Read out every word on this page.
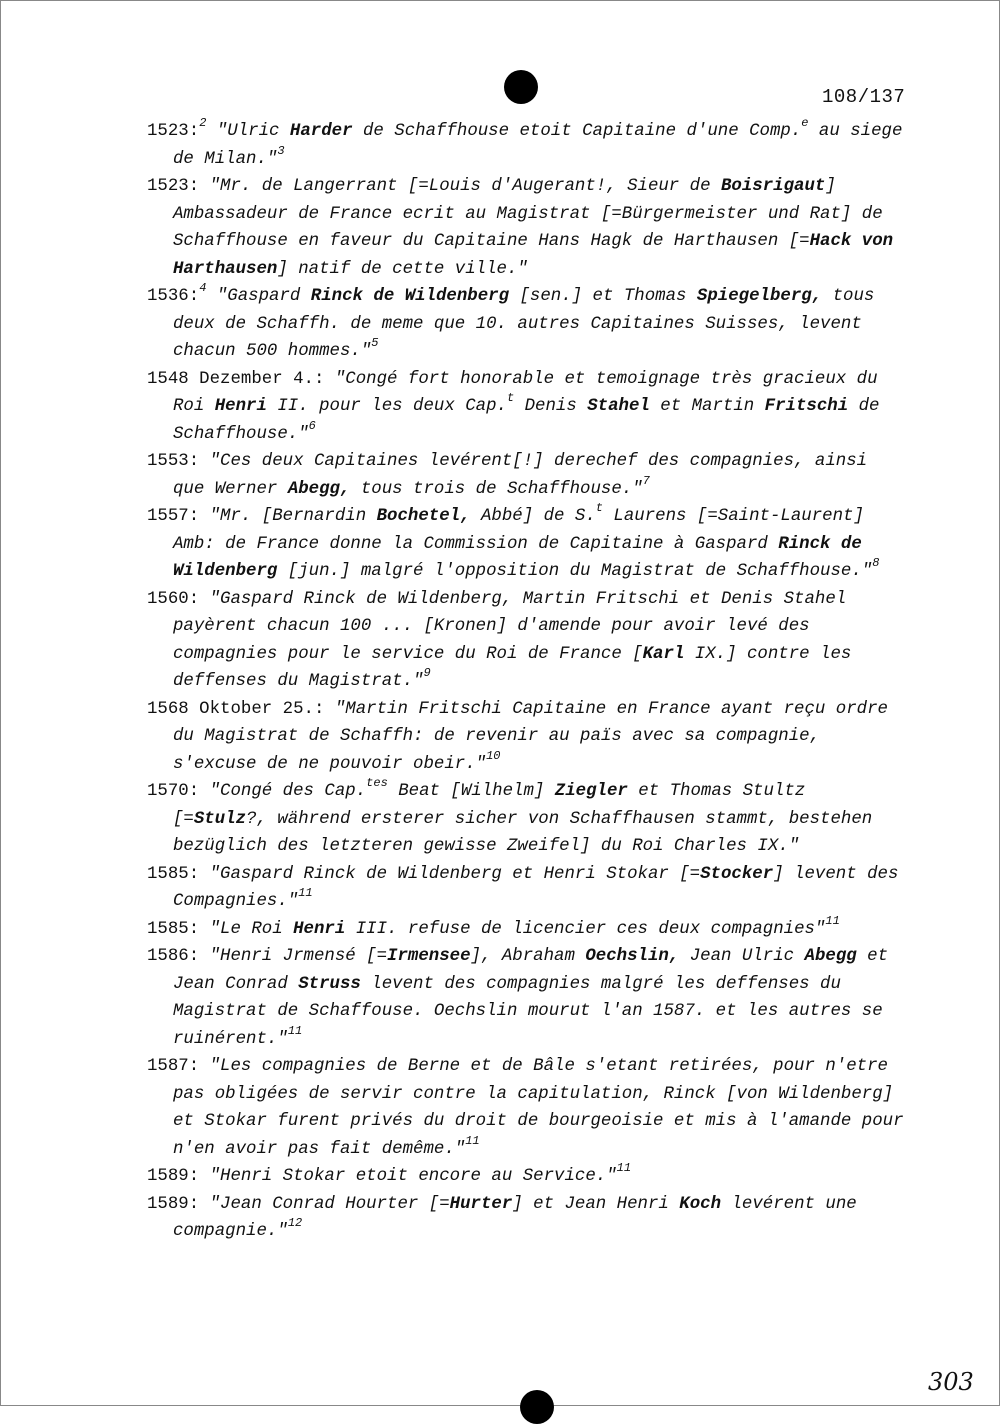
108/137
1523:$^2$ "Ulric Harder de Schaffhouse etoit Capitaine d'une Comp.$^e$ au siege de Milan."$^3$
1523: "Mr. de Langerrant [=Louis d'Augerant!, Sieur de Boisrigaut] Ambassadeur de France ecrit au Magistrat [=Bürgermeister und Rat] de Schaffhouse en faveur du Capitaine Hans Hagk de Harthausen [=Hack von Harthausen] natif de cette ville."
1536:$^4$ "Gaspard Rinck de Wildenberg [sen.] et Thomas Spiegelberg, tous deux de Schaffh. de meme que 10. autres Capitaines Suisses, levent chacun 500 hommes."$^5$
1548 Dezember 4.: "Congé fort honorable et temoignage très gracieux du Roi Henri II. pour les deux Cap.$^t$ Denis Stahel et Martin Fritschi de Schaffhouse."$^6$
1553: "Ces deux Capitaines levérent[!] derechef des compagnies, ainsi que Werner Abegg, tous trois de Schaffhouse."$^7$
1557: "Mr. [Bernardin Bochetel, Abbé] de S.$^t$ Laurens [=Saint-Laurent] Amb: de France donne la Commission de Capitaine à Gaspard Rinck de Wildenberg [jun.] malgré l'opposition du Magistrat de Schaffhouse."$^8$
1560: "Gaspard Rinck de Wildenberg, Martin Fritschi et Denis Stahel payèrent chacun 100 ... [Kronen] d'amende pour avoir levé des compagnies pour le service du Roi de France [Karl IX.] contre les deffenses du Magistrat."$^9$
1568 Oktober 25.: "Martin Fritschi Capitaine en France ayant reçu ordre du Magistrat de Schaffh: de revenir au païs avec sa compagnie, s'excuse de ne pouvoir obeir."$^{10}$
1570: "Congé des Cap.$^{tes}$ Beat [Wilhelm] Ziegler et Thomas Stultz [=Stulz?, während ersterer sicher von Schaffhausen stammt, bestehen bezüglich des letzteren gewisse Zweifel] du Roi Charles IX."
1585: "Gaspard Rinck de Wildenberg et Henri Stokar [=Stocker] levent des Compagnies."$^{11}$
1585: "Le Roi Henri III. refuse de licencier ces deux compagnies"$^{11}$
1586: "Henri Jrmensé [=Irmensee], Abraham Oechslin, Jean Ulric Abegg et Jean Conrad Struss levent des compagnies malgré les deffenses du Magistrat de Schaffouse. Oechslin mourut l'an 1587. et les autres se ruinérent."$^{11}$
1587: "Les compagnies de Berne et de Bâle s'etant retirées, pour n'etre pas obligées de servir contre la capitulation, Rinck [von Wildenberg] et Stokar furent privés du droit de bourgeoisie et mis à l'amande pour n'en avoir pas fait demême."$^{11}$
1589: "Henri Stokar etoit encore au Service."$^{11}$
1589: "Jean Conrad Hourter [=Hurter] et Jean Henri Koch levérent une compagnie."$^{12}$
303
